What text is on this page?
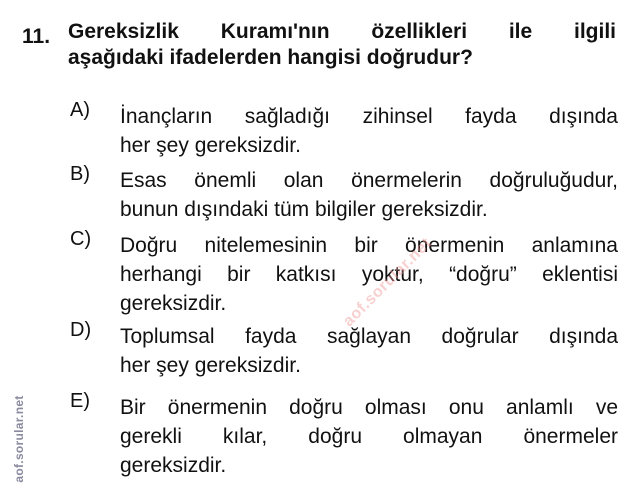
11. Gereksizlik Kuramı'nın özellikleri ile ilgili
aşağıdaki ifadelerden hangisi doğrudur?
A)	İnançların sağladığı zihinsel fayda dışında
her şey gereksizdir.
B)	Esas önemli olan önermelerin doğruluğudur,
bunun dışındaki tüm bilgiler gereksizdir.
C)	Doğru nitelemesinin bir önermenin anlamına
herhangi bir katkısı yoktur, “doğru” eklentisi
gereksizdir.
D)	Toplumsal fayda sağlayan doğrular dışında
her şey gereksizdir.
E)	Bir önermenin doğru olması onu anlamlı ve
gerekli kılar, doğru olmayan önermeler
gereksizdir.
aof.sorular.net
aof.sorular.net
